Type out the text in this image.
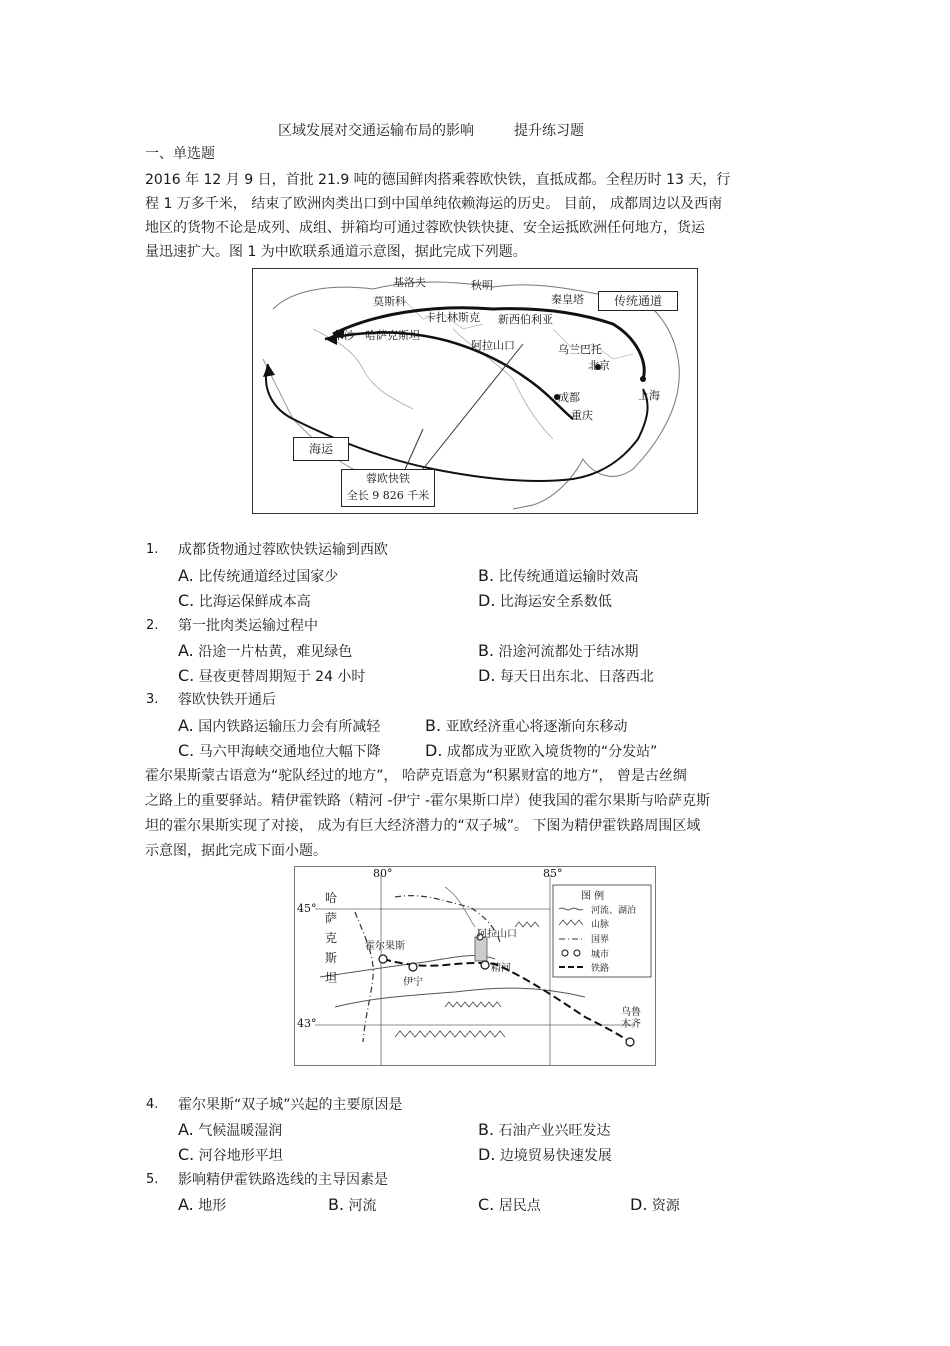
区域发展对交通运输布局的影响	提升练习题
一、单选题
2016 年 12 月 9 日，首批 21.9 吨的德国鲜肉搭乘蓉欧快铁，直抵成都。全程历时 13 天，行
程 1 万多千米， 结束了欧洲肉类出口到中国单纯依赖海运的历史。 目前， 成都周边以及西南
地区的货物不论是成列、成组、拼箱均可通过蓉欧快铁快捷、安全运抵欧洲任何地方，货运
量迅速扩大。图 1 为中欧联系通道示意图，据此完成下列题。
基洛夫	秋明
莫斯科
卡扎林斯克 新西伯利亚
秦皇塔
华沙 哈萨克斯坦
阿拉山口	乌兰巴托
北京
上海
成都
重庆
传统通道
海运
蓉欧快铁
全长 9 826 千米
1. 成都货物通过蓉欧快铁运输到西欧
A. 比传统通道经过国家少	B. 比传统通道运输时效高
C. 比海运保鲜成本高	D. 比海运安全系数低
2. 第一批肉类运输过程中
A. 沿途一片枯黄，难见绿色	B. 沿途河流都处于结冰期
C. 昼夜更替周期短于 24 小时	D. 每天日出东北、日落西北
3. 蓉欧快铁开通后
A. 国内铁路运输压力会有所减轻	B. 亚欧经济重心将逐渐向东移动
C. 马六甲海峡交通地位大幅下降	D. 成都成为亚欧入境货物的“分发站”
霍尔果斯蒙古语意为“驼队经过的地方”， 哈萨克语意为“积累财富的地方”， 曾是古丝绸
之路上的重要驿站。精伊霍铁路（精河 -伊宁 -霍尔果斯口岸）使我国的霍尔果斯与哈萨克斯
坦的霍尔果斯实现了对接， 成为有巨大经济潜力的“双子城”。 下图为精伊霍铁路周围区域
示意图，据此完成下面小题。
80°	85°
45°
43°
哈
萨
克
斯
坦
霍尔果斯
阿拉山口
精河
伊宁
乌鲁木齐
图 例
河流、湖泊
山脉
国界
城市
铁路
4. 霍尔果斯“双子城”兴起的主要原因是
A. 气候温暖湿润	B. 石油产业兴旺发达
C. 河谷地形平坦	D. 边境贸易快速发展
5. 影响精伊霍铁路选线的主导因素是
A. 地形	B. 河流	C. 居民点	D. 资源
